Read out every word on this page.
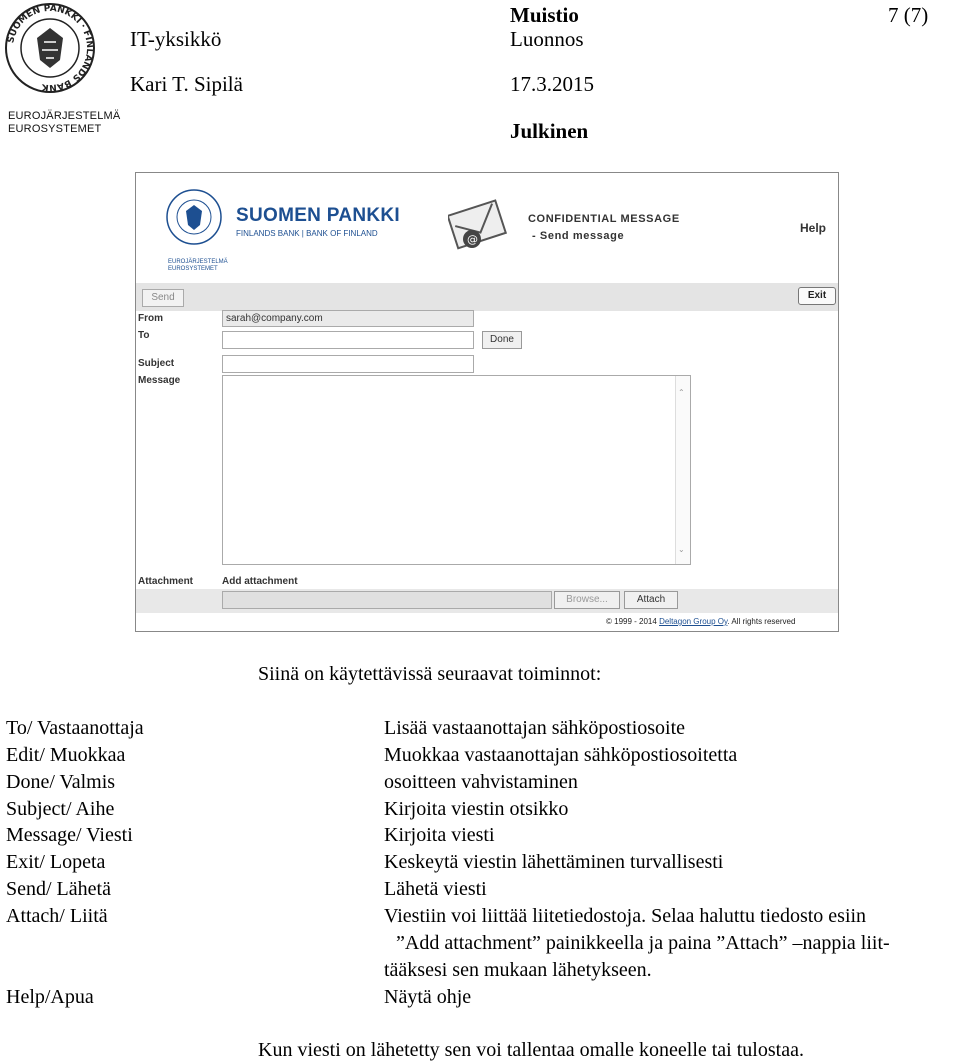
SUOMEN PANKKI · FINLANDS BANK
EUROJÄRJESTELMÄ
EUROSYSTEMET
IT-yksikkö
Kari T. Sipilä
Muistio
Luonnos
17.3.2015
Julkinen
7 (7)
EUROJÄRJESTELMÄ
EUROSYSTEMET
SUOMEN PANKKI
FINLANDS BANK | BANK OF FINLAND	@
CONFIDENTIAL MESSAGE
- Send message
Help
Send	Exit
From	sarah@company.com
To	Done
Subject
Message
⌃
⌄
Attachment	Add attachment
Browse...	Attach
© 1999 - 2014 Deltagon Group Oy. All rights reserved
Siinä on käytettävissä seuraavat toiminnot:
To/ Vastaanottaja	Lisää vastaanottajan sähköpostiosoite
Edit/ Muokkaa	Muokkaa vastaanottajan sähköpostiosoitetta
Done/ Valmis	osoitteen vahvistaminen
Subject/ Aihe	Kirjoita viestin otsikko
Message/ Viesti	Kirjoita viesti
Exit/ Lopeta	Keskeytä viestin lähettäminen turvallisesti
Send/ Lähetä	Lähetä viesti
Attach/ Liitä	Viestiin voi liittää liitetiedostoja. Selaa haluttu tiedosto esiin
”Add attachment” painikkeella ja paina ”Attach” –nappia liit-
tääksesi sen mukaan lähetykseen.
Help/Apua	Näytä ohje
Kun viesti on lähetetty sen voi tallentaa omalle koneelle tai tulostaa.
